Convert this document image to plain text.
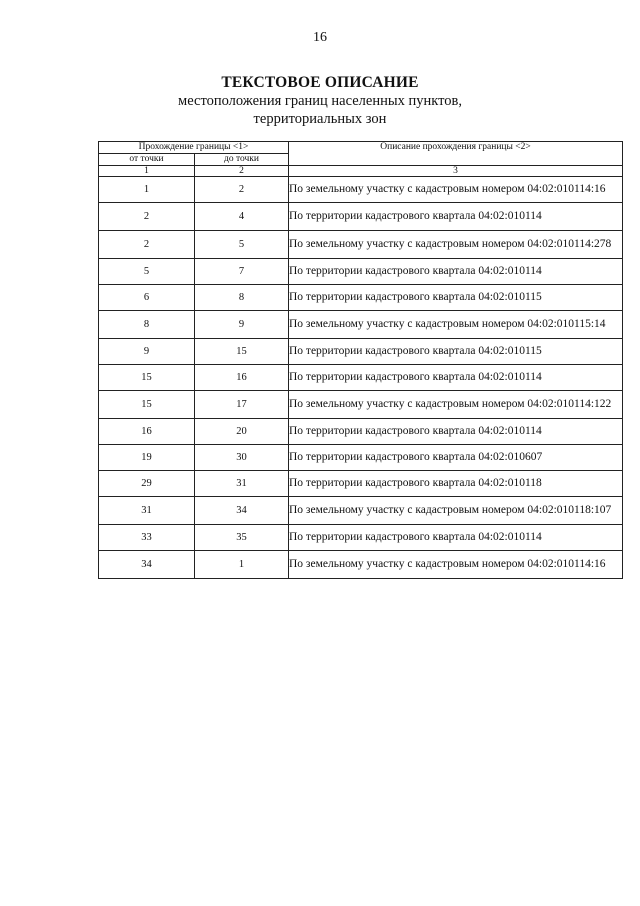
16
ТЕКСТОВОЕ ОПИСАНИЕ
местоположения границ населенных пунктов,
территориальных зон
Прохождение границы <1>		Описание прохождения границы <2>
от точки	до точки	
1	2	3
1	2	По земельному участку с кадастровым номером 04:02:010114:16

2	4	По территории кадастрового квартала 04:02:010114

2	5	По земельному участку с кадастровым номером 04:02:010114:278

5	7	По территории кадастрового квартала 04:02:010114

6	8	По территории кадастрового квартала 04:02:010115

8	9	По земельному участку с кадастровым номером 04:02:010115:14

9	15	По территории кадастрового квартала 04:02:010115

15	16	По территории кадастрового квартала 04:02:010114

15	17	По земельному участку с кадастровым номером 04:02:010114:122

16	20	По территории кадастрового квартала 04:02:010114

19	30	По территории кадастрового квартала 04:02:010607

29	31	По территории кадастрового квартала 04:02:010118

31	34	По земельному участку с кадастровым номером 04:02:010118:107

33	35	По территории кадастрового квартала 04:02:010114

34	1	По земельному участку с кадастровым номером 04:02:010114:16
